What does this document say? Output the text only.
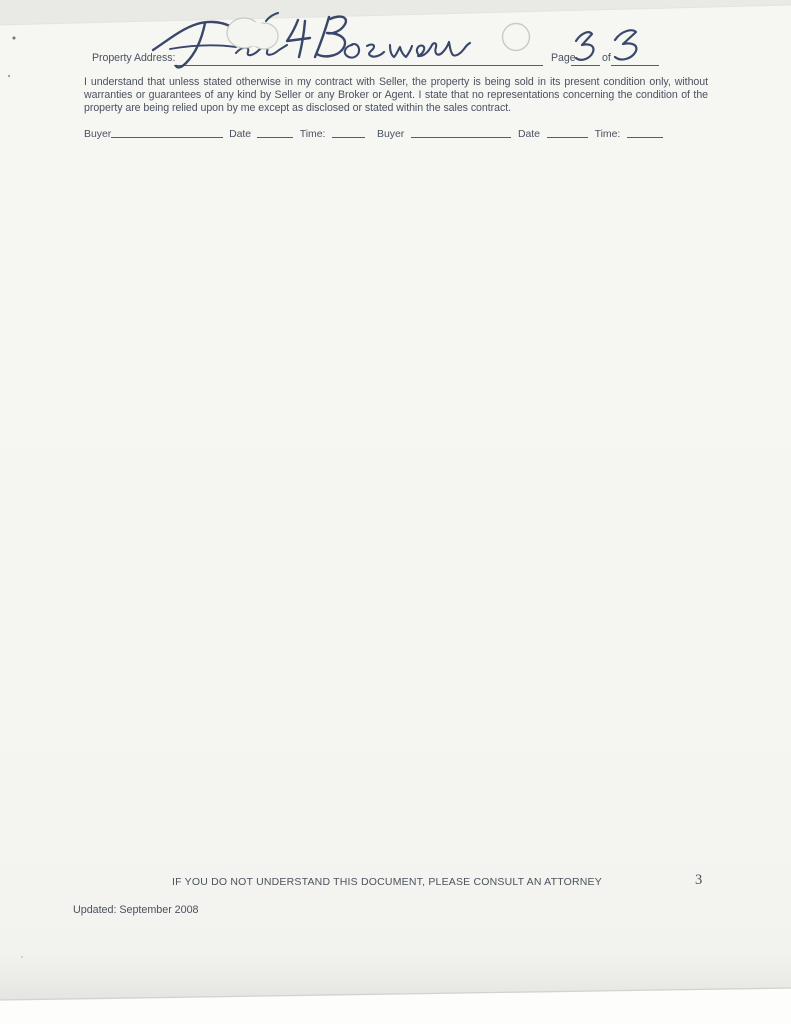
Property Address:	Page of
I understand that unless stated otherwise in my contract with Seller, the property is being sold in its present condition only, without warranties or guarantees of any kind by Seller or any Broker or Agent. I state that no representations concerning the condition of the property are being relied upon by me except as disclosed or stated within the sales contract.
Buyer	Date	Time:	Buyer	Date	Time:
IF YOU DO NOT UNDERSTAND THIS DOCUMENT, PLEASE CONSULT AN ATTORNEY	3
Updated: September 2008
